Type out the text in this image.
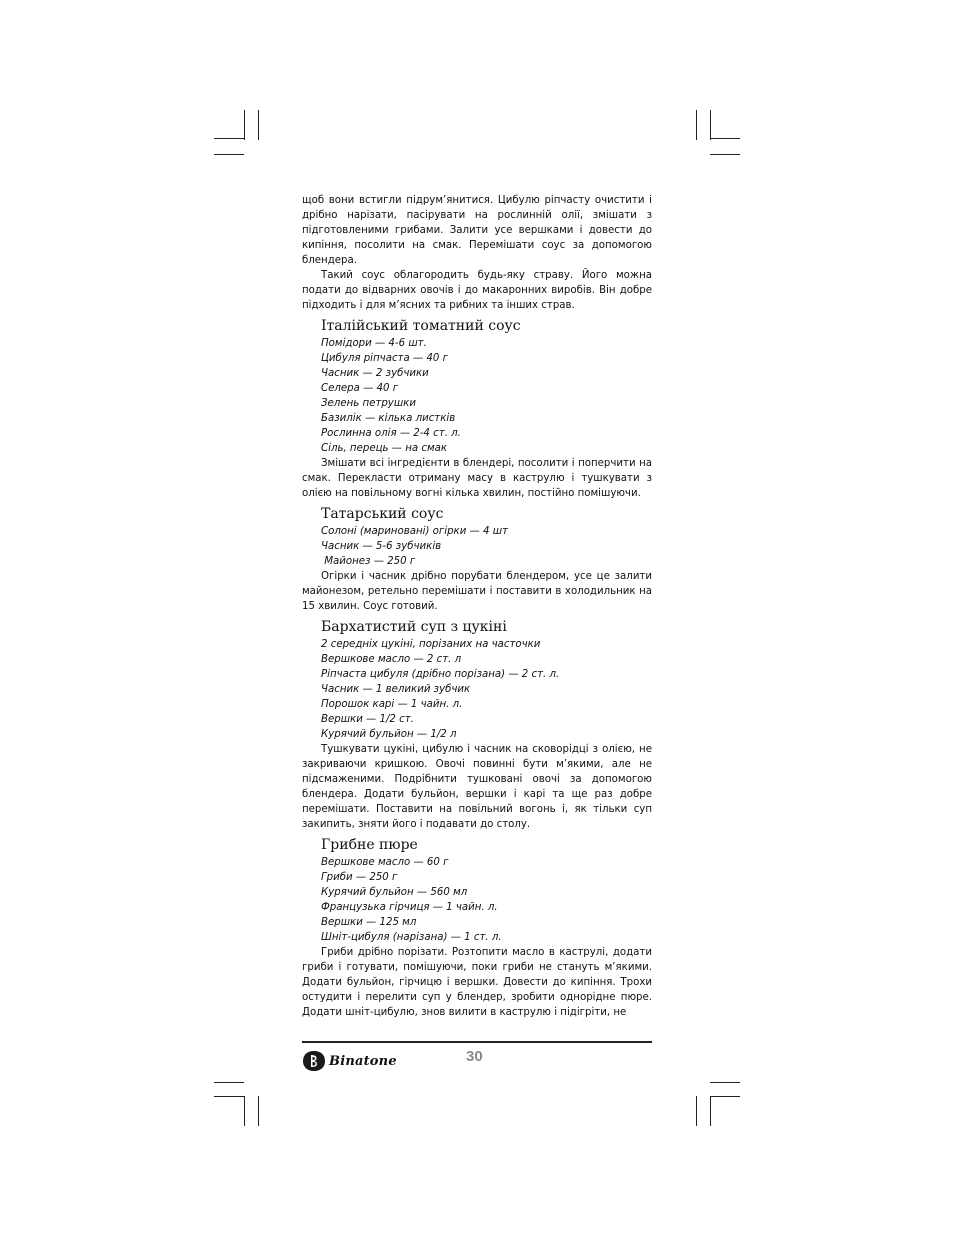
щоб вони встигли підрум’янитися. Цибулю ріпчасту очистити і дрібно нарізати, пасірувати на рослинній олії, змішати з підготовленими грибами. Залити усе вершками і довести до кипіння, посолити на смак. Перемішати соус за допомогою блендера.

Такий соус облагородить будь-яку страву. Його можна подати до відварних овочів і до макаронних виробів. Він добре підходить і для м’ясних та рибних та інших страв.

Італійський томатний соус
Помідори — 4-6 шт.
Цибуля ріпчаста — 40 г
Часник — 2 зубчики
Селера — 40 г
Зелень петрушки
Базилік — кілька листків
Рослинна олія — 2-4 ст. л.
Сіль, перець — на смак

Змішати всі інгредієнти в блендері, посолити і поперчити на смак. Перекласти отриману масу в каструлю і тушкувати з олією на повільному вогні кілька хвилин, постійно помішуючи.

Татарський соус
Солоні (мариновані) огірки — 4 шт
Часник — 5-6 зубчиків
Майонез — 250 г

Огірки і часник дрібно порубати блендером, усе це залити майонезом, ретельно перемішати і поставити в холодильник на 15 хвилин. Соус готовий.

Бархатистий суп з цукіні
2 середніх цукіні, порізаних на часточки
Вершкове масло — 2 ст. л
Ріпчаста цибуля (дрібно порізана) — 2 ст. л.
Часник — 1 великий зубчик
Порошок карі — 1 чайн. л.
Вершки — 1/2 ст.
Курячий бульйон — 1/2 л

Тушкувати цукіні, цибулю і часник на сковорідці з олією, не закриваючи кришкою. Овочі повинні бути м’якими, але не підсмаженими. Подрібнити тушковані овочі за допомогою блендера. Додати бульйон, вершки і карі та ще раз добре перемішати. Поставити на повільний вогонь і, як тільки суп закипить, зняти його і подавати до столу.

Грибне пюре
Вершкове масло — 60 г
Гриби — 250 г
Курячий бульйон — 560 мл
Французька гірчиця — 1 чайн. л.
Вершки — 125 мл
Шніт-цибуля (нарізана) — 1 ст. л.

Гриби дрібно порізати. Розтопити масло в каструлі, додати гриби і готувати, помішуючи, поки гриби не стануть м’якими. Додати бульйон, гірчицю і вершки. Довести до кипіння. Трохи остудити і перелити суп у блендер, зробити однорідне пюре. Додати шніт-цибулю, знов вилити в каструлю і підігріти, не

Binatone	30
